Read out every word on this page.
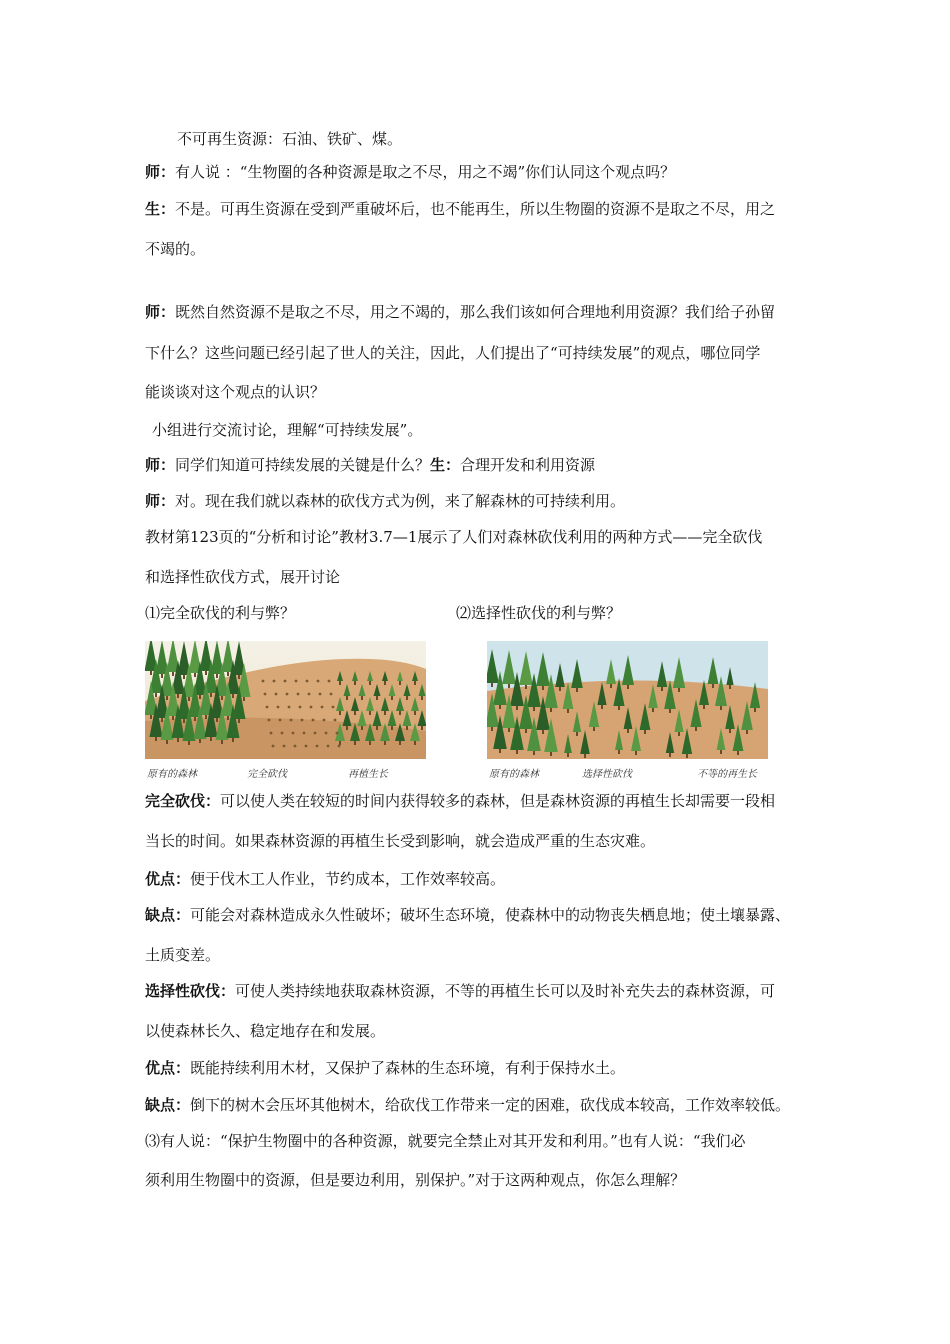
⑴完全砍伐的利与弊？	⑵选择性砍伐的利与弊？
原有的森林	完全砍伐	再植生长	原有的森林	选择性砍伐	不等的再生长
不可再生资源：石油、铁矿、煤。
师：有人说 ：“生物圈的各种资源是取之不尽，用之不竭”你们认同这个观点吗？
生：不是。可再生资源在受到严重破坏后，也不能再生，所以生物圈的资源不是取之不尽，用之
不竭的。
师：既然自然资源不是取之不尽，用之不竭的，那么我们该如何合理地利用资源？我们给子孙留
下什么？这些问题已经引起了世人的关注，因此，人们提出了“可持续发展”的观点，哪位同学
能谈谈对这个观点的认识？
小组进行交流讨论，理解“可持续发展”。
师：同学们知道可持续发展的关键是什么？生：合理开发和利用资源
师：对。现在我们就以森林的砍伐方式为例，来了解森林的可持续利用。
教材第123页的“分析和讨论”教材3.7—1展示了人们对森林砍伐利用的两种方式——完全砍伐
和选择性砍伐方式，展开讨论
完全砍伐：可以使人类在较短的时间内获得较多的森林，但是森林资源的再植生长却需要一段相
当长的时间。如果森林资源的再植生长受到影响，就会造成严重的生态灾难。
优点：便于伐木工人作业，节约成本，工作效率较高。
缺点：可能会对森林造成永久性破坏；破坏生态环境，使森林中的动物丧失栖息地；使土壤暴露、
土质变差。
选择性砍伐：可使人类持续地获取森林资源，不等的再植生长可以及时补充失去的森林资源，可
以使森林长久、稳定地存在和发展。
优点：既能持续利用木材，又保护了森林的生态环境，有利于保持水土。
缺点：倒下的树木会压坏其他树木，给砍伐工作带来一定的困难，砍伐成本较高，工作效率较低。
⑶有人说：“保护生物圈中的各种资源，就要完全禁止对其开发和利用。”也有人说：“我们必
须利用生物圈中的资源，但是要边利用，别保护。”对于这两种观点，你怎么理解？
